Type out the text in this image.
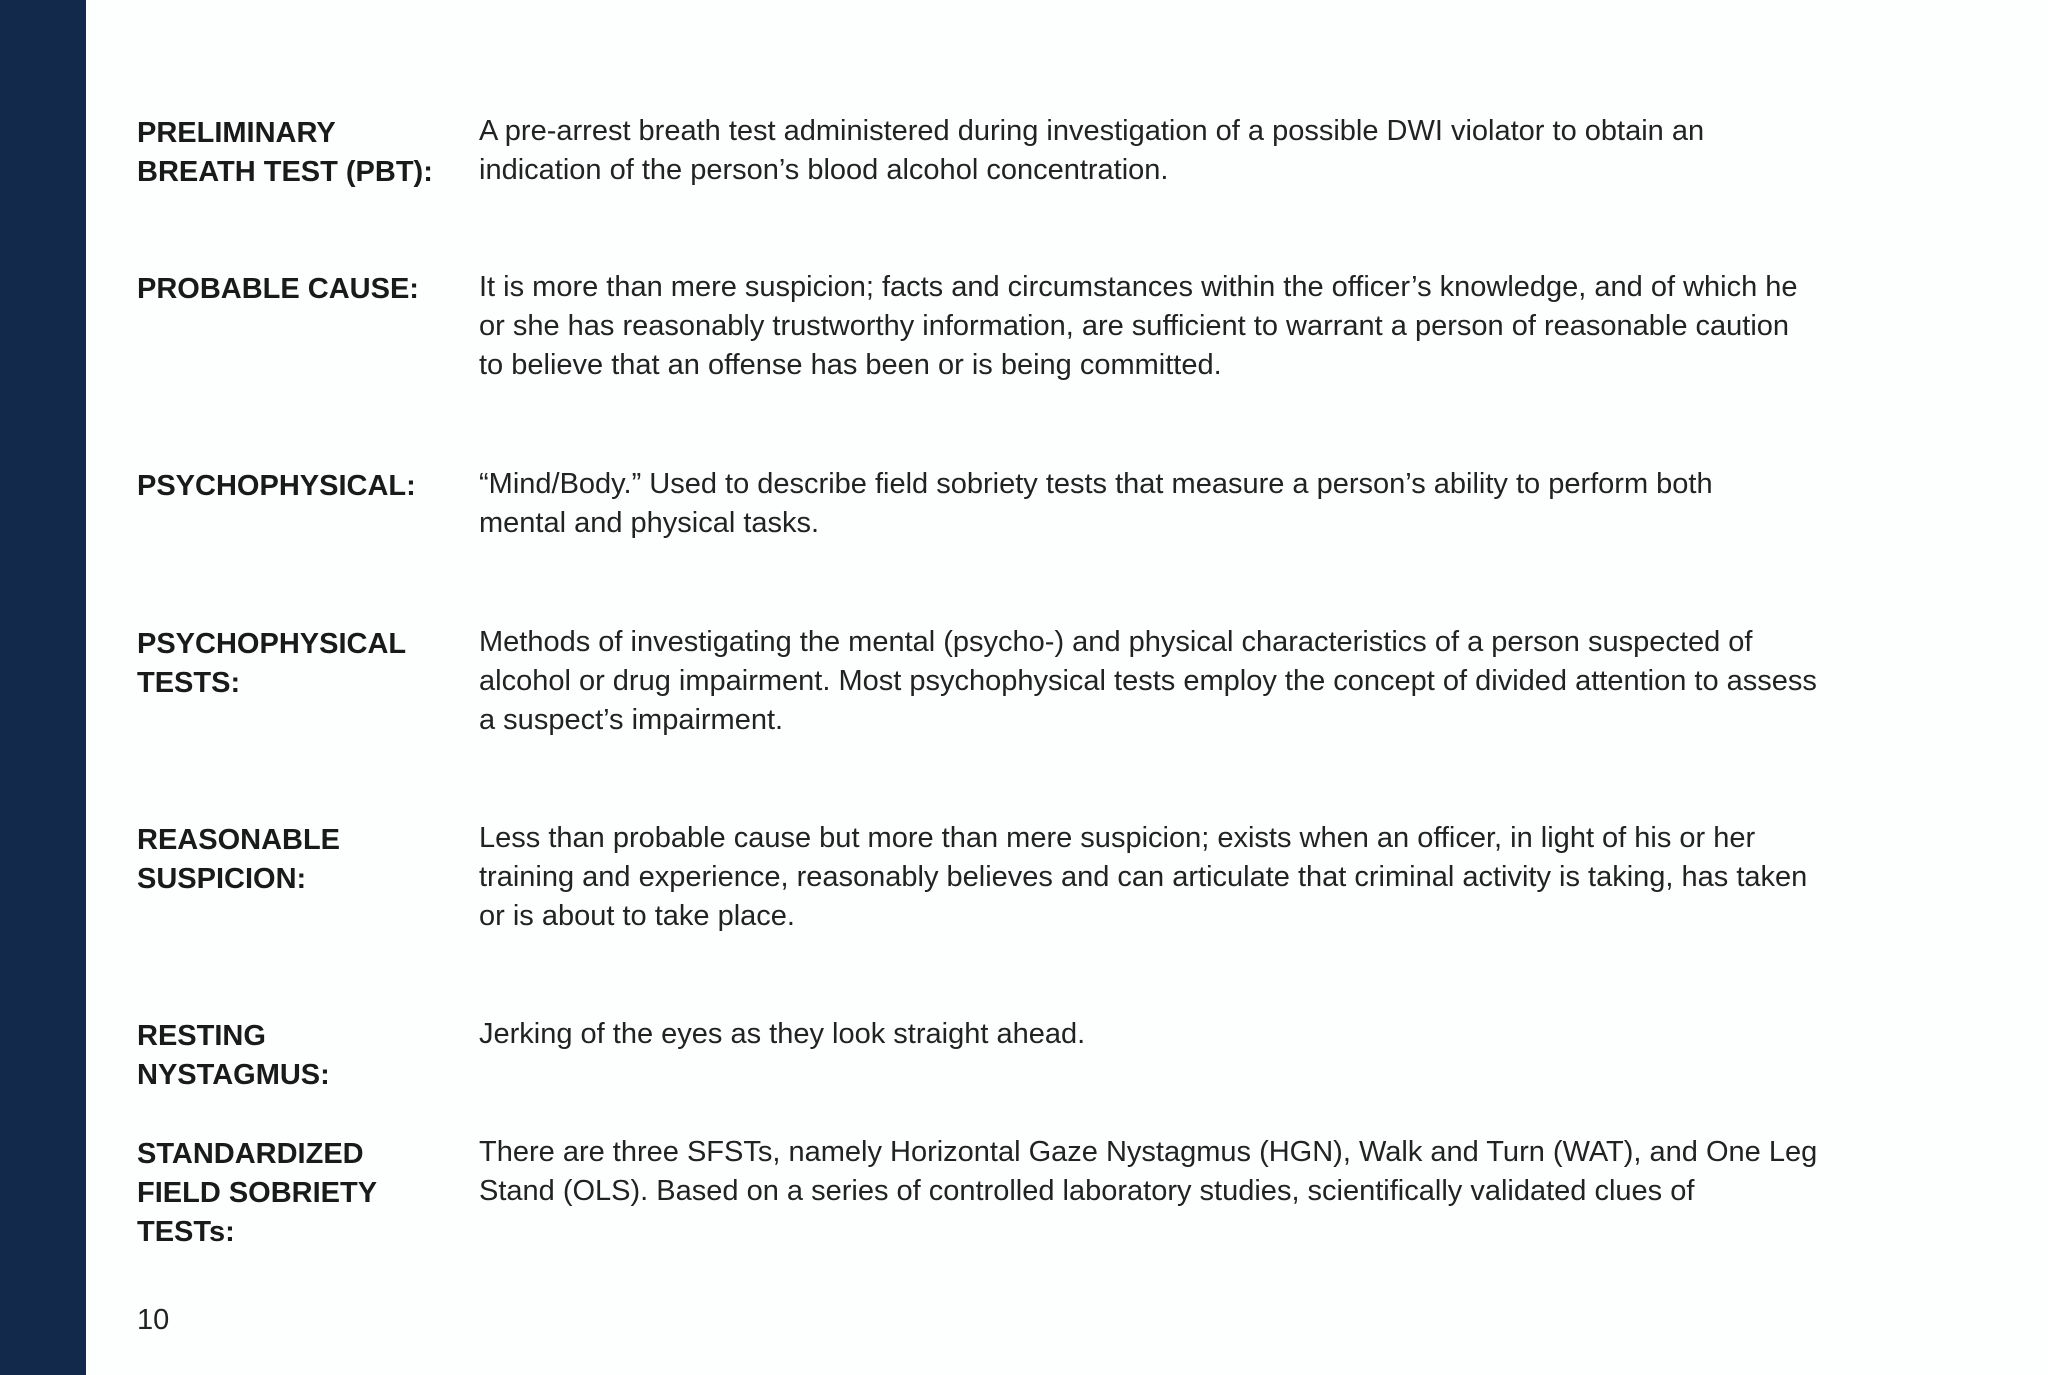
PRELIMINARY
BREATH TEST (PBT):
A pre-arrest breath test administered during investigation of a possible DWI violator to obtain an
indication of the person’s blood alcohol concentration.
PROBABLE CAUSE:	It is more than mere suspicion; facts and circumstances within the officer’s knowledge, and of which he
or she has reasonably trustworthy information, are sufficient to warrant a person of reasonable caution
to believe that an offense has been or is being committed.
PSYCHOPHYSICAL:	“Mind/Body.” Used to describe field sobriety tests that measure a person’s ability to perform both
mental and physical tasks.
PSYCHOPHYSICAL
TESTS:
Methods of investigating the mental (psycho-) and physical characteristics of a person suspected of
alcohol or drug impairment. Most psychophysical tests employ the concept of divided attention to assess
a suspect’s impairment.
REASONABLE
SUSPICION:
Less than probable cause but more than mere suspicion; exists when an officer, in light of his or her
training and experience, reasonably believes and can articulate that criminal activity is taking, has taken
or is about to take place.
RESTING
NYSTAGMUS:
Jerking of the eyes as they look straight ahead.
STANDARDIZED
FIELD SOBRIETY
TESTs:
There are three SFSTs, namely Horizontal Gaze Nystagmus (HGN), Walk and Turn (WAT), and One Leg
Stand (OLS). Based on a series of controlled laboratory studies, scientifically validated clues of
10
